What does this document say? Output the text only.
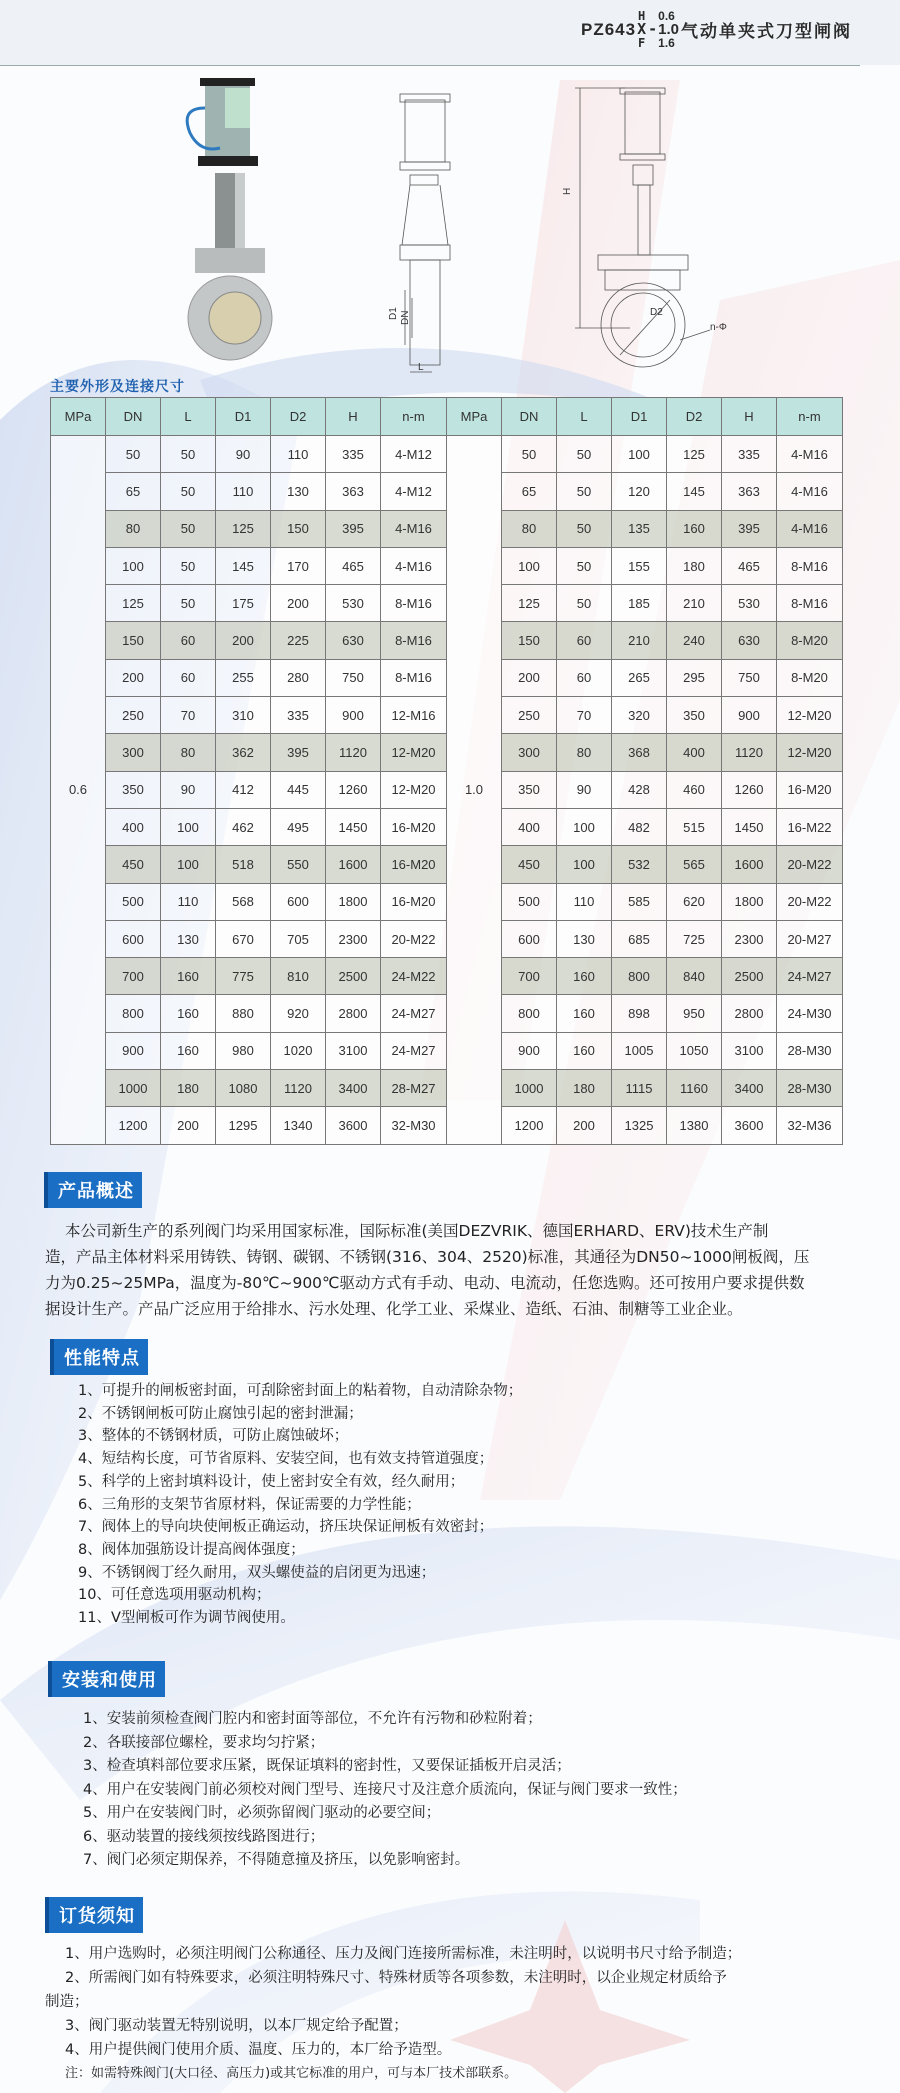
PZ643
H
X
F

-

0.6
1.0
1.6
气动单夹式刀型闸阀
D1 DN
L
H
D2
n-Φ
主要外形及连接尺寸
MPa	DN	L	D1	D2	H	n-m	MPa	DN	L	D1	D2	H	n-m
0.6	50	50	90	110	335	4-M12	1.0	50	50	100	125	335	4-M16
	65	50	110	130	363	4-M12		65	50	120	145	363	4-M16
	80	50	125	150	395	4-M16		80	50	135	160	395	4-M16
	100	50	145	170	465	4-M16		100	50	155	180	465	8-M16
	125	50	175	200	530	8-M16		125	50	185	210	530	8-M16
	150	60	200	225	630	8-M16		150	60	210	240	630	8-M20
	200	60	255	280	750	8-M16		200	60	265	295	750	8-M20
	250	70	310	335	900	12-M16		250	70	320	350	900	12-M20
	300	80	362	395	1120	12-M20		300	80	368	400	1120	12-M20
	350	90	412	445	1260	12-M20		350	90	428	460	1260	16-M20
	400	100	462	495	1450	16-M20		400	100	482	515	1450	16-M22
	450	100	518	550	1600	16-M20		450	100	532	565	1600	20-M22
	500	110	568	600	1800	16-M20		500	110	585	620	1800	20-M22
	600	130	670	705	2300	20-M22		600	130	685	725	2300	20-M27
	700	160	775	810	2500	24-M22		700	160	800	840	2500	24-M27
	800	160	880	920	2800	24-M27		800	160	898	950	2800	24-M30
	900	160	980	1020	3100	24-M27		900	160	1005	1050	3100	28-M30
	1000	180	1080	1120	3400	28-M27		1000	180	1115	1160	3400	28-M30
	1200	200	1295	1340	3600	32-M30		1200	200	1325	1380	3600	32-M36
产品概述
本公司新生产的系列阀门均采用国家标准，国际标准(美国DEZVRIK、德国ERHARD、ERV)技术生产制
造，产品主体材料采用铸铁、铸钢、碳钢、不锈钢(316、304、2520)标准，其通径为DN50~1000闸板阀，压
力为0.25~25MPa，温度为-80℃~900℃驱动方式有手动、电动、电流动，任您选购。还可按用户要求提供数
据设计生产。产品广泛应用于给排水、污水处理、化学工业、采煤业、造纸、石油、制糖等工业企业。
性能特点
1、可提升的闸板密封面，可刮除密封面上的粘着物，自动清除杂物；
2、不锈钢闸板可防止腐蚀引起的密封泄漏；
3、整体的不锈钢材质，可防止腐蚀破坏；
4、短结构长度，可节省原料、安装空间，也有效支持管道强度；
5、科学的上密封填料设计，使上密封安全有效，经久耐用；
6、三角形的支架节省原材料，保证需要的力学性能；
7、阀体上的导向块使闸板正确运动，挤压块保证闸板有效密封；
8、阀体加强筋设计提高阀体强度；
9、不锈钢阀丁经久耐用，双头螺使益的启闭更为迅速；
10、可任意选项用驱动机构；
11、V型闸板可作为调节阀使用。
安装和使用
1、安装前须检查阀门腔内和密封面等部位，不允许有污物和砂粒附着；
2、各联接部位螺栓，要求均匀拧紧；
3、检查填料部位要求压紧，既保证填料的密封性，又要保证插板开启灵活；
4、用户在安装阀门前必须校对阀门型号、连接尺寸及注意介质流向，保证与阀门要求一致性；
5、用户在安装阀门时，必须弥留阀门驱动的必要空间；
6、驱动装置的接线须按线路图进行；
7、阀门必须定期保养，不得随意撞及挤压，以免影响密封。
订货须知
1、用户选购时，必须注明阀门公称通径、压力及阀门连接所需标准，未注明时，以说明书尺寸给予制造；
2、所需阀门如有特殊要求，必须注明特殊尺寸、特殊材质等各项参数，未注明时，以企业规定材质给予
制造；
3、阀门驱动装置无特别说明，以本厂规定给予配置；
4、用户提供阀门使用介质、温度、压力的，本厂给予造型。
注：如需特殊阀门(大口径、高压力)或其它标准的用户，可与本厂技术部联系。
